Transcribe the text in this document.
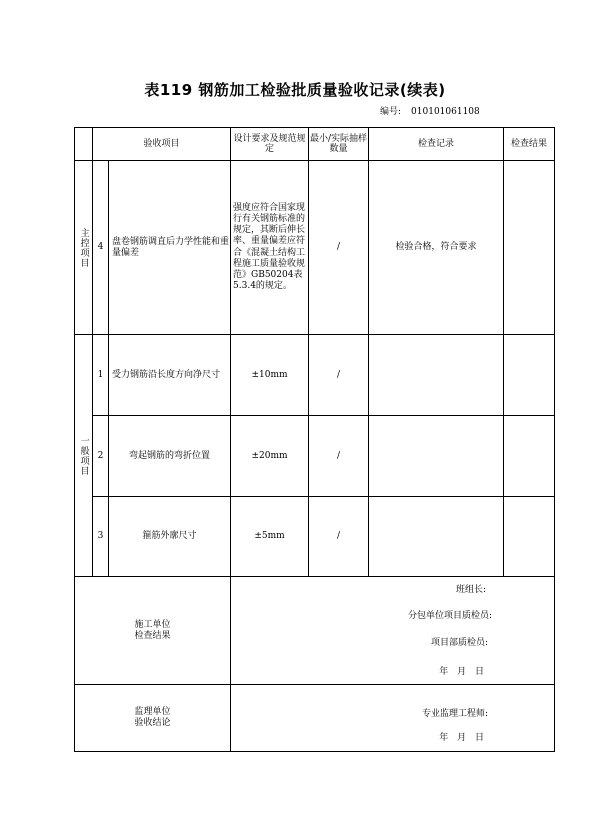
表119 钢筋加工检验批质量验收记录(续表)
编号: 010101061108
	验收项目		设计要求及规范规定	最小/实际抽样数量	检查记录	检查结果

主控项目	4	盘卷钢筋调直后力学性能和重量偏差	强度应符合国家现行有关钢筋标准的规定，其断后伸长率、重量偏差应符合《混凝土结构工程施工质量验收规范》GB50204表5.3.4的规定。	/	检验合格，符合要求	

一般项目	1	受力钢筋沿长度方向净尺寸	±10mm	/		
	2	弯起钢筋的弯折位置	±20mm	/		
	3	箍筋外廓尺寸	±5mm	/		

施工单位检查结果			班组长:
分包单位项目质检员:
项目部质检员:
年 月 日			

监理单位验收结论			专业监理工程师:
年 月 日			
